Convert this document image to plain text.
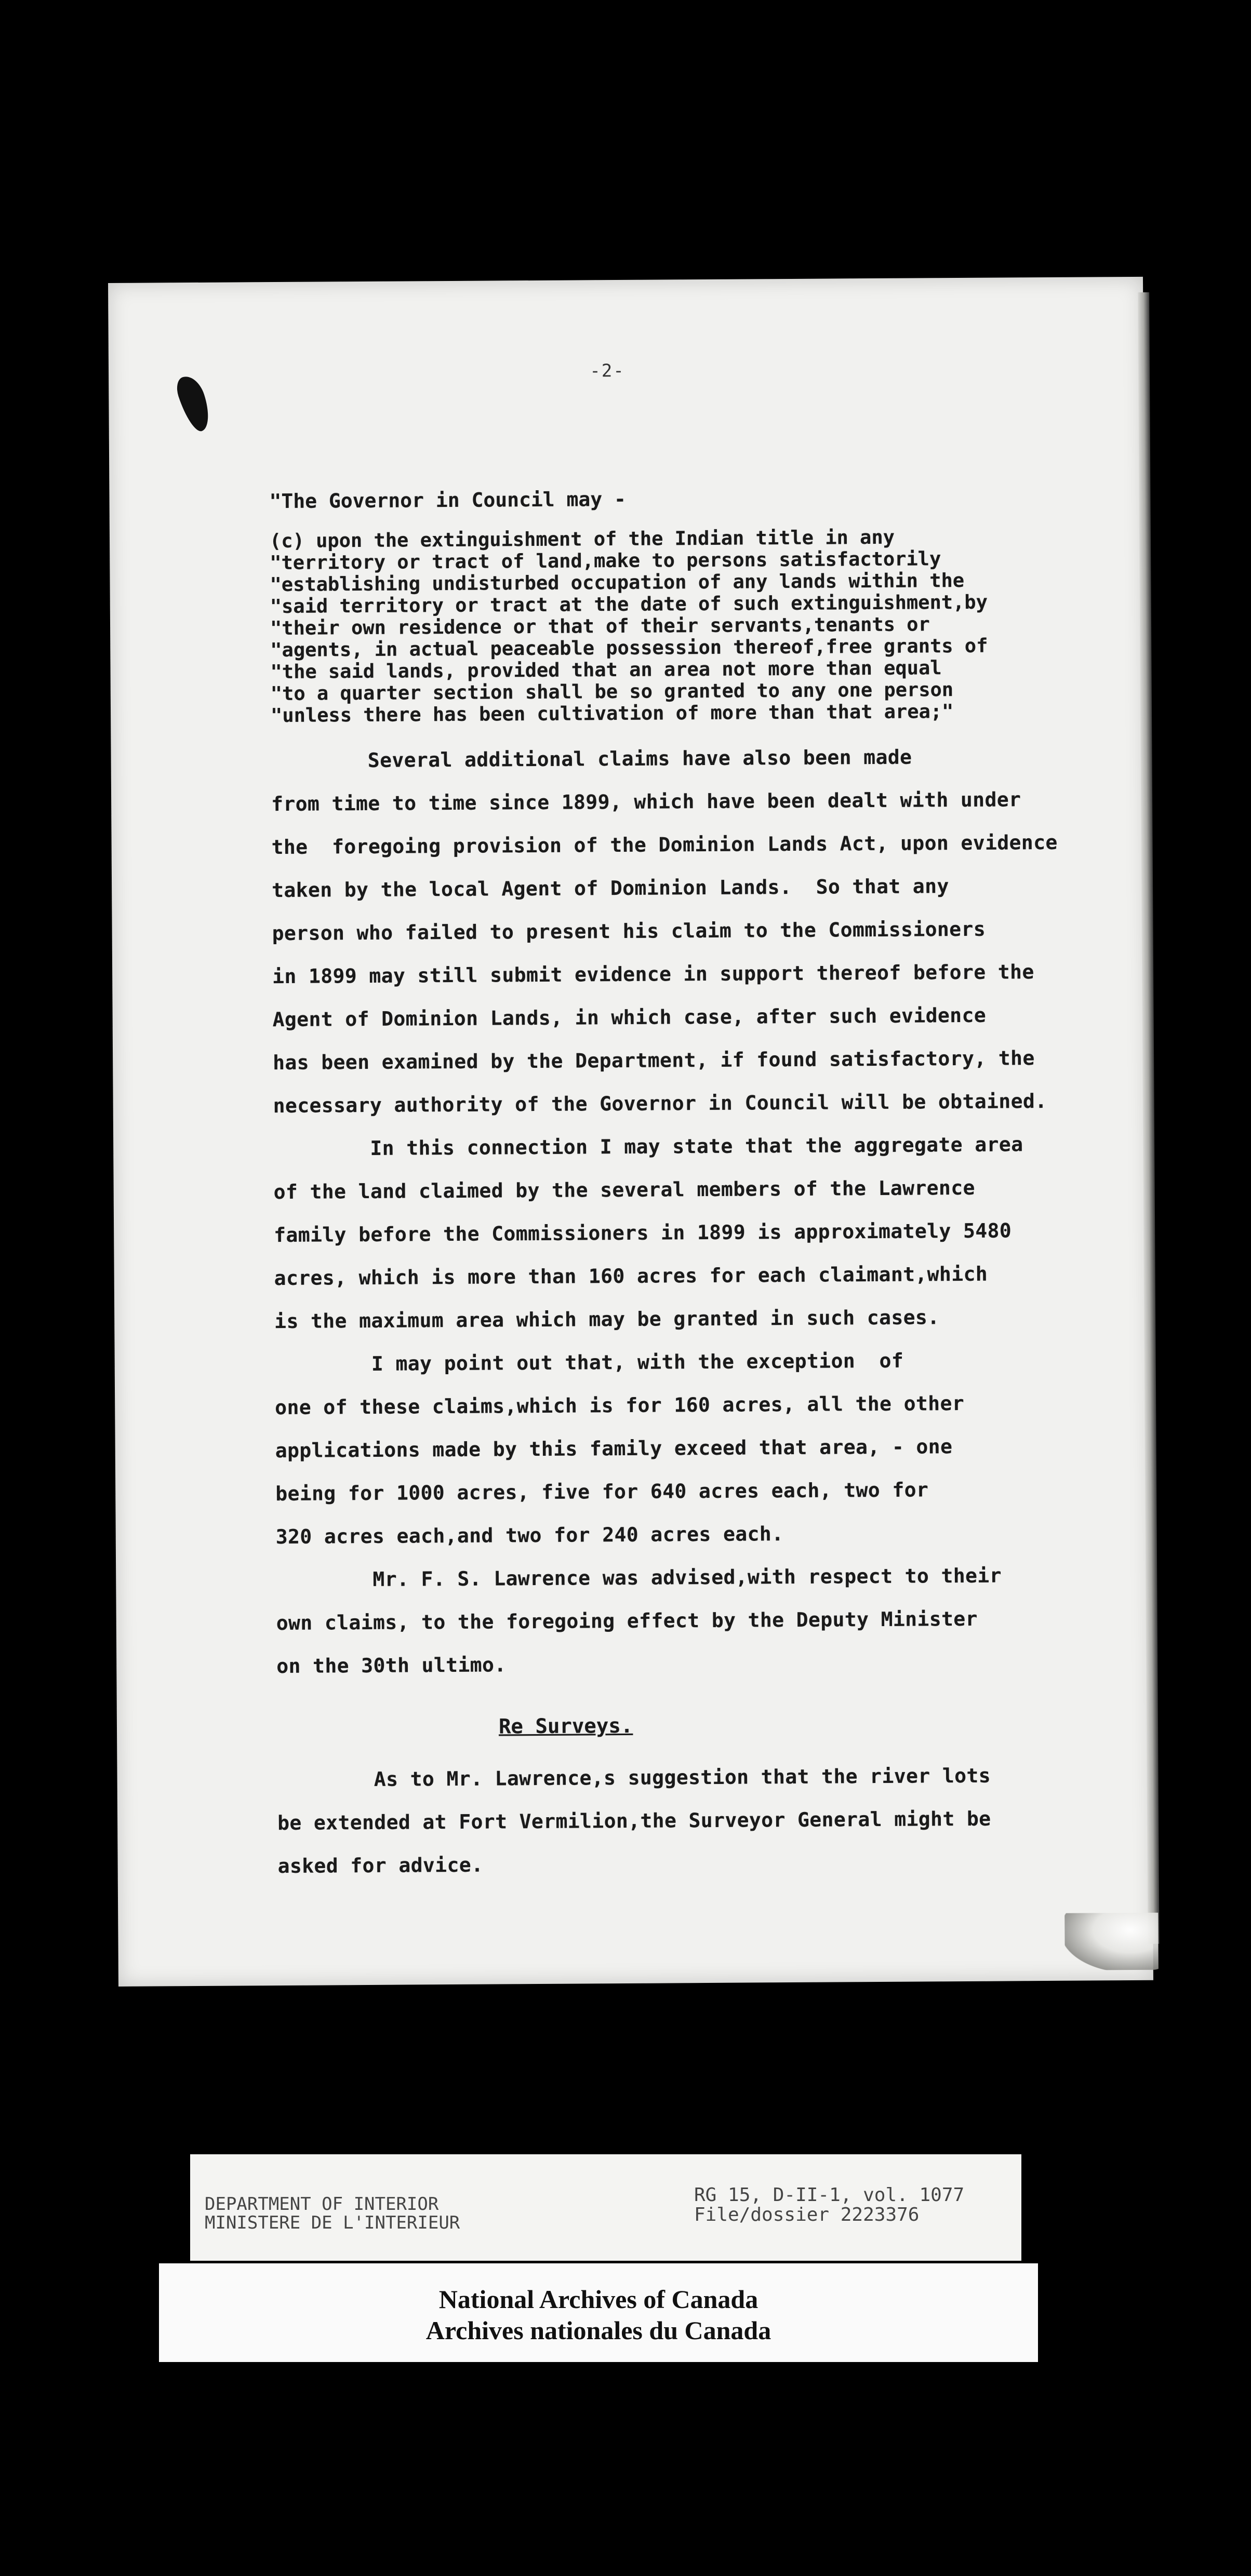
-2-
"The Governor in Council may -
(c) upon the extinguishment of the Indian title in any
"territory or tract of land,make to persons satisfactorily
"establishing undisturbed occupation of any lands within the
"said territory or tract at the date of such extinguishment,by
"their own residence or that of their servants,tenants or
"agents, in actual peaceable possession thereof,free grants of
"the said lands, provided that an area not more than equal
"to a quarter section shall be so granted to any one person
"unless there has been cultivation of more than that area;"
Several additional claims have also been made
from time to time since 1899, which have been dealt with under
the  foregoing provision of the Dominion Lands Act, upon evidence
taken by the local Agent of Dominion Lands.  So that any
person who failed to present his claim to the Commissioners
in 1899 may still submit evidence in support thereof before the
Agent of Dominion Lands, in which case, after such evidence
has been examined by the Department, if found satisfactory, the
necessary authority of the Governor in Council will be obtained.
In this connection I may state that the aggregate area
of the land claimed by the several members of the Lawrence
family before the Commissioners in 1899 is approximately 5480
acres, which is more than 160 acres for each claimant,which
is the maximum area which may be granted in such cases.
I may point out that, with the exception  of
one of these claims,which is for 160 acres, all the other
applications made by this family exceed that area, - one
being for 1000 acres, five for 640 acres each, two for
320 acres each,and two for 240 acres each.
Mr. F. S. Lawrence was advised,with respect to their
own claims, to the foregoing effect by the Deputy Minister
on the 30th ultimo.
Re Surveys.
As to Mr. Lawrence,s suggestion that the river lots
be extended at Fort Vermilion,the Surveyor General might be
asked for advice.
DEPARTMENT OF INTERIOR
MINISTERE DE L'INTERIEUR
RG 15, D-II-1, vol. 1077
File/dossier 2223376
National Archives of Canada
Archives nationales du Canada
